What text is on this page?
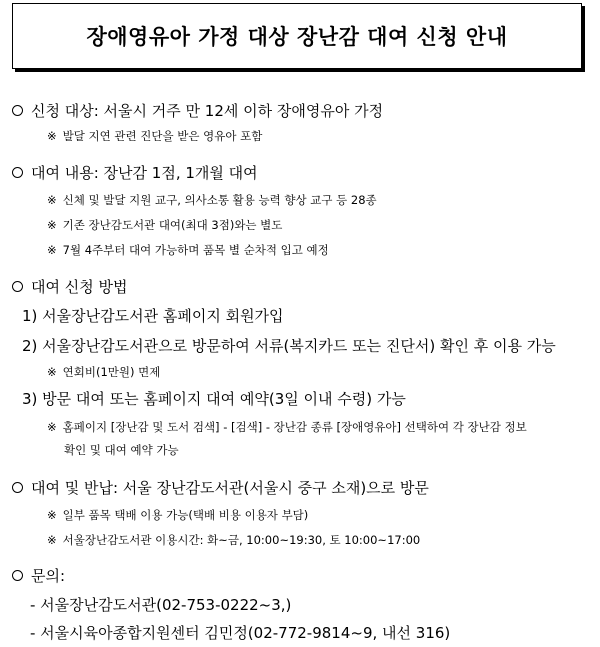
장애영유아 가정 대상 장난감 대여 신청 안내
신청 대상: 서울시 거주 만 12세 이하 장애영유아 가정
※ 발달 지연 관련 진단을 받은 영유아 포함
대여 내용: 장난감 1점, 1개월 대여
※ 신체 및 발달 지원 교구, 의사소통 활용 능력 향상 교구 등 28종
※ 기존 장난감도서관 대여(최대 3점)와는 별도
※ 7월 4주부터 대여 가능하며 품목 별 순차적 입고 예정
대여 신청 방법
1) 서울장난감도서관 홈페이지 회원가입
2) 서울장난감도서관으로 방문하여 서류(복지카드 또는 진단서) 확인 후 이용 가능
※ 연회비(1만원) 면제
3) 방문 대여 또는 홈페이지 대여 예약(3일 이내 수령) 가능
※ 홈페이지 [장난감 및 도서 검색] - [검색] - 장난감 종류 [장애영유아] 선택하여 각 장난감 정보
확인 및 대여 예약 가능
대여 및 반납: 서울 장난감도서관(서울시 중구 소재)으로 방문
※ 일부 품목 택배 이용 가능(택배 비용 이용자 부담)
※ 서울장난감도서관 이용시간: 화~금, 10:00~19:30, 토 10:00~17:00
문의:
- 서울장난감도서관(02-753-0222~3,)
- 서울시육아종합지원센터 김민정(02-772-9814~9, 내선 316)
